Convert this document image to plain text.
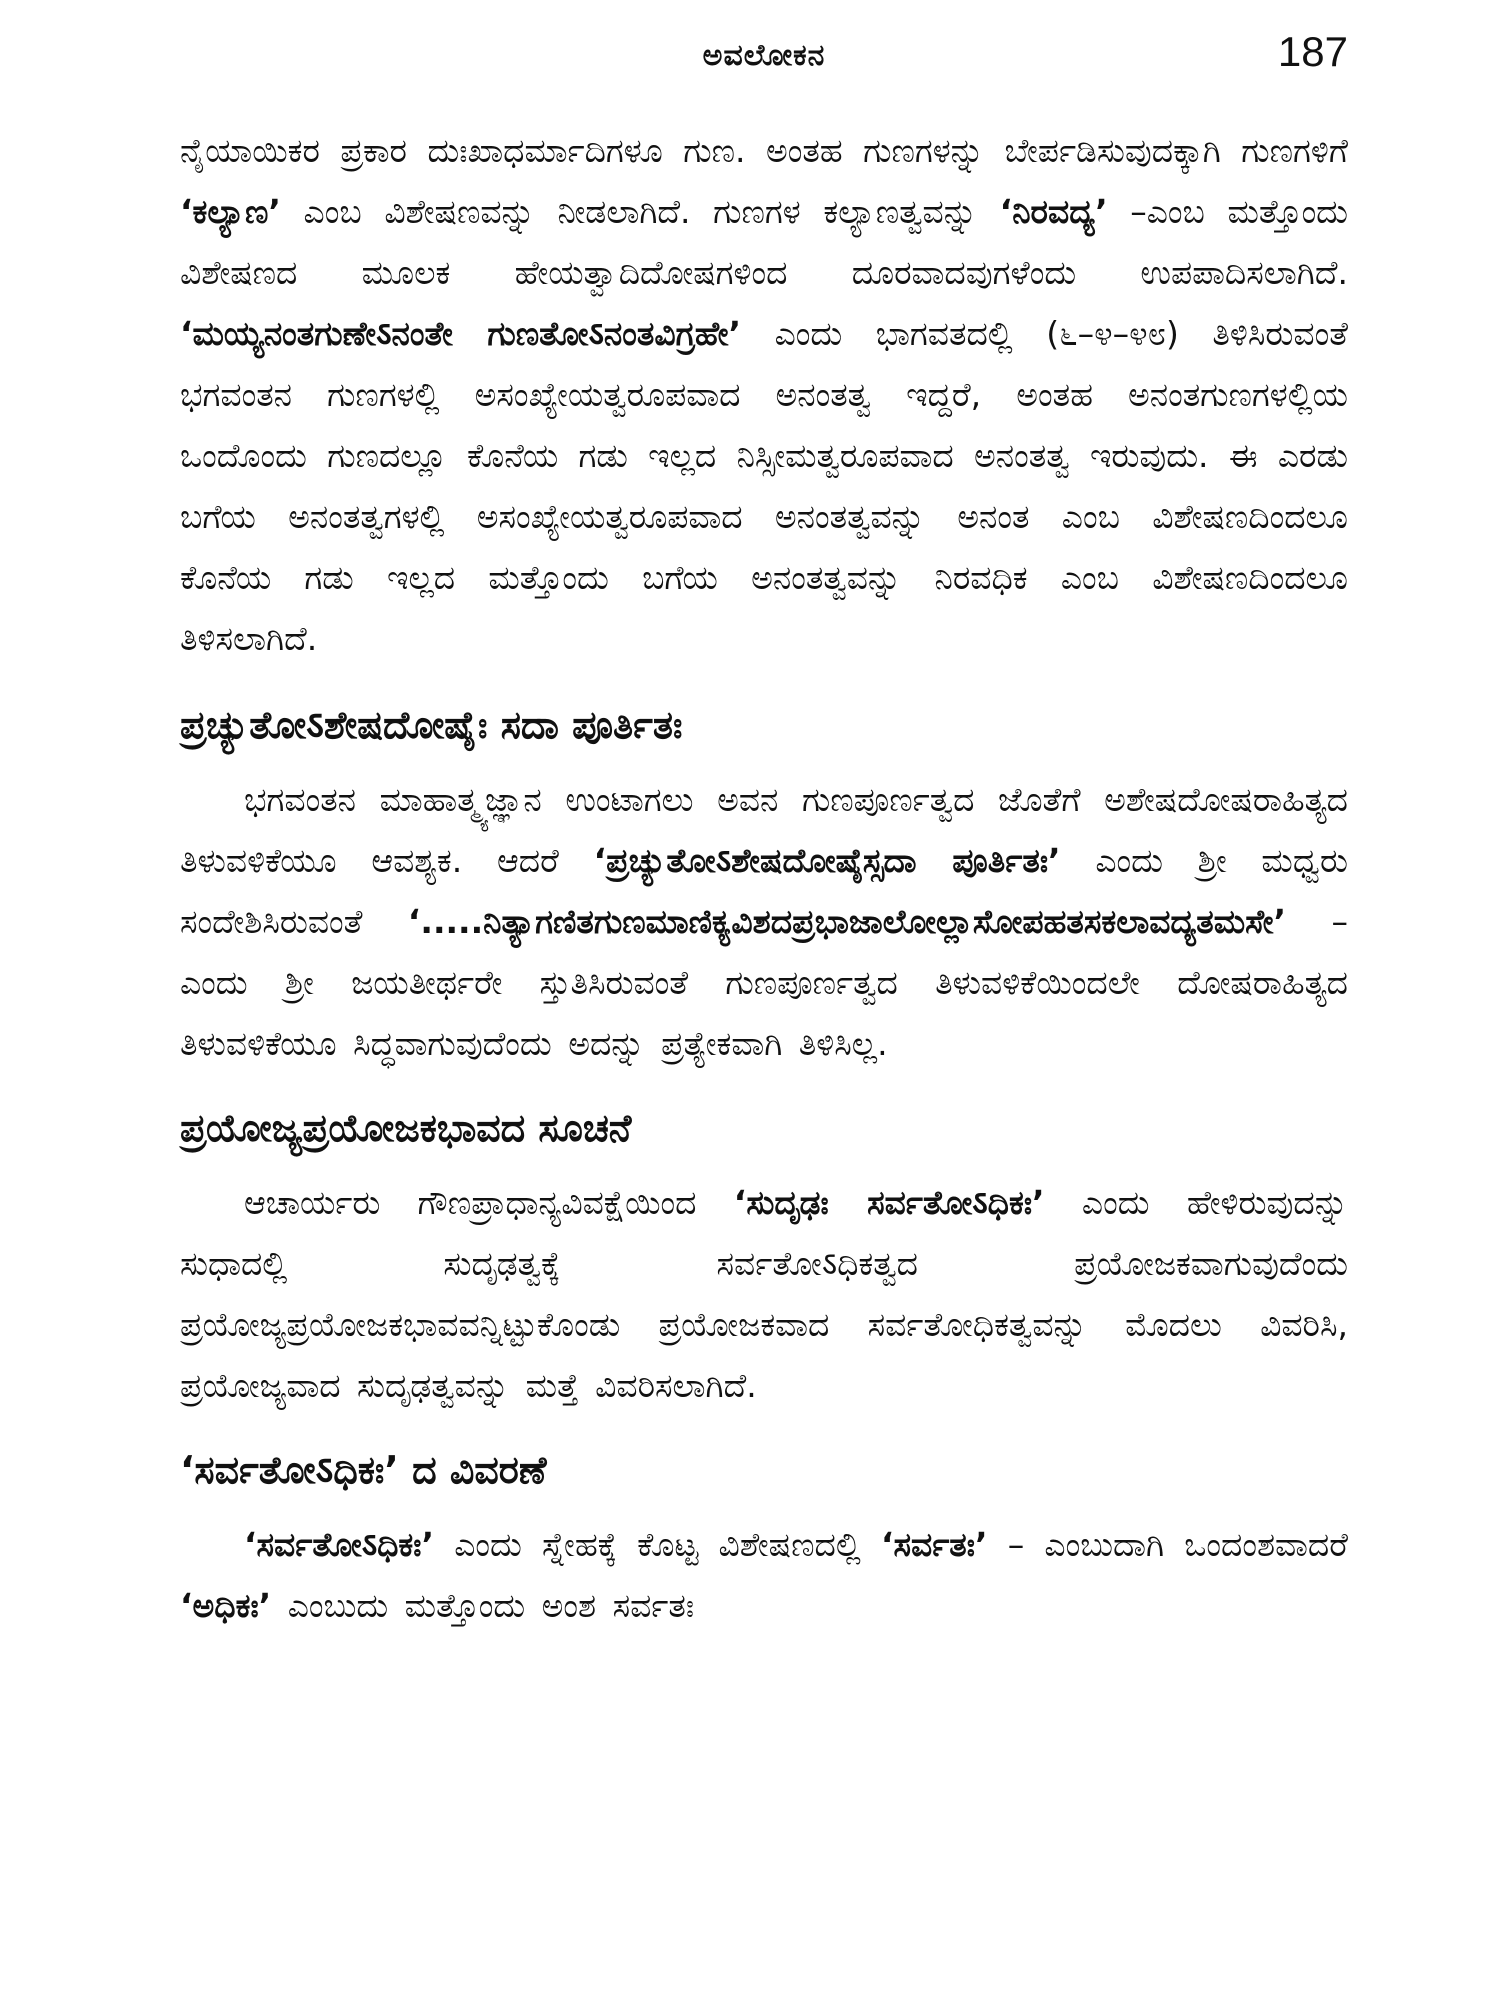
ಅವಲೋಕನ	187

ನೈಯಾಯಿಕರ ಪ್ರಕಾರ ದುಃಖಾಧರ್ಮಾದಿಗಳೂ ಗುಣ. ಅಂತಹ ಗುಣಗಳನ್ನು ಬೇರ್ಪಡಿಸುವುದಕ್ಕಾಗಿ ಗುಣಗಳಿಗೆ ‘ಕಲ್ಯಾಣ’ ಎಂಬ ವಿಶೇಷಣವನ್ನು ನೀಡಲಾಗಿದೆ. ಗುಣಗಳ ಕಲ್ಯಾಣತ್ವವನ್ನು ‘ನಿರವದ್ಯ’ –ಎಂಬ ಮತ್ತೊಂದು ವಿಶೇಷಣದ ಮೂಲಕ ಹೇಯತ್ವಾದಿದೋಷಗಳಿಂದ ದೂರವಾದವುಗಳೆಂದು ಉಪಪಾದಿಸಲಾಗಿದೆ. ‘ಮಯ್ಯನಂತಗುಣೇऽನಂತೇ ಗುಣತೋऽನಂತವಿಗ್ರಹೇ’ ಎಂದು ಭಾಗವತದಲ್ಲಿ (೬–೪–೪೮) ತಿಳಿಸಿರುವಂತೆ ಭಗವಂತನ ಗುಣಗಳಲ್ಲಿ ಅಸಂಖ್ಯೇಯತ್ವರೂಪವಾದ ಅನಂತತ್ವ ಇದ್ದರೆ, ಅಂತಹ ಅನಂತಗುಣಗಳಲ್ಲಿಯ ಒಂದೊಂದು ಗುಣದಲ್ಲೂ ಕೊನೆಯ ಗಡು ಇಲ್ಲದ ನಿಸ್ಸೀಮತ್ವರೂಪವಾದ ಅನಂತತ್ವ ಇರುವುದು. ಈ ಎರಡು ಬಗೆಯ ಅನಂತತ್ವಗಳಲ್ಲಿ ಅಸಂಖ್ಯೇಯತ್ವರೂಪವಾದ ಅನಂತತ್ವವನ್ನು ಅನಂತ ಎಂಬ ವಿಶೇಷಣದಿಂದಲೂ ಕೊನೆಯ ಗಡು ಇಲ್ಲದ ಮತ್ತೊಂದು ಬಗೆಯ ಅನಂತತ್ವವನ್ನು ನಿರವಧಿಕ ಎಂಬ ವಿಶೇಷಣದಿಂದಲೂ ತಿಳಿಸಲಾಗಿದೆ.

ಪ್ರಚ್ಯುತೋऽಶೇಷದೋಷೈಃ ಸದಾ ಪೂರ್ತಿತಃ

ಭಗವಂತನ ಮಾಹಾತ್ಮ್ಯಜ್ಞಾನ ಉಂಟಾಗಲು ಅವನ ಗುಣಪೂರ್ಣತ್ವದ ಜೊತೆಗೆ ಅಶೇಷದೋಷರಾಹಿತ್ಯದ ತಿಳುವಳಿಕೆಯೂ ಆವಶ್ಯಕ. ಆದರೆ ‘ಪ್ರಚ್ಯುತೋऽಶೇಷದೋಷೈಸ್ಸದಾ ಪೂರ್ತಿತಃ’ ಎಂದು ಶ್ರೀ ಮಧ್ವರು ಸಂದೇಶಿಸಿರುವಂತೆ ‘.....ನಿತ್ಯಾಗಣಿತಗುಣಮಾಣಿಕ್ಯವಿಶದಪ್ರಭಾಜಾಲೋಲ್ಲಾಸೋಪಹತಸಕಲಾವದ್ಯತಮಸೇ’ –ಎಂದು ಶ್ರೀ ಜಯತೀರ್ಥರೇ ಸ್ತುತಿಸಿರುವಂತೆ ಗುಣಪೂರ್ಣತ್ವದ ತಿಳುವಳಿಕೆಯಿಂದಲೇ ದೋಷರಾಹಿತ್ಯದ ತಿಳುವಳಿಕೆಯೂ ಸಿದ್ಧವಾಗುವುದೆಂದು ಅದನ್ನು ಪ್ರತ್ಯೇಕವಾಗಿ ತಿಳಿಸಿಲ್ಲ.

ಪ್ರಯೋಜ್ಯಪ್ರಯೋಜಕಭಾವದ ಸೂಚನೆ

ಆಚಾರ್ಯರು ಗೌಣಪ್ರಾಧಾನ್ಯವಿವಕ್ಷೆಯಿಂದ ‘ಸುದೃಢಃ ಸರ್ವತೋऽಧಿಕಃ’ ಎಂದು ಹೇಳಿರುವುದನ್ನು ಸುಧಾದಲ್ಲಿ ಸುದೃಢತ್ವಕ್ಕೆ ಸರ್ವತೋऽಧಿಕತ್ವದ ಪ್ರಯೋಜಕವಾಗುವುದೆಂದು ಪ್ರಯೋಜ್ಯಪ್ರಯೋಜಕಭಾವವನ್ನಿಟ್ಟುಕೊಂಡು ಪ್ರಯೋಜಕವಾದ ಸರ್ವತೋಧಿಕತ್ವವನ್ನು ಮೊದಲು ವಿವರಿಸಿ, ಪ್ರಯೋಜ್ಯವಾದ ಸುದೃಢತ್ವವನ್ನು ಮತ್ತೆ ವಿವರಿಸಲಾಗಿದೆ.

‘ಸರ್ವತೋऽಧಿಕಃ’ ದ ವಿವರಣೆ

‘ಸರ್ವತೋऽಧಿಕಃ’ ಎಂದು ಸ್ನೇಹಕ್ಕೆ ಕೊಟ್ಟ ವಿಶೇಷಣದಲ್ಲಿ ‘ಸರ್ವತಃ’ – ಎಂಬುದಾಗಿ ಒಂದಂಶವಾದರೆ ‘ಅಧಿಕಃ’ ಎಂಬುದು ಮತ್ತೊಂದು ಅಂಶ ಸರ್ವತಃ
